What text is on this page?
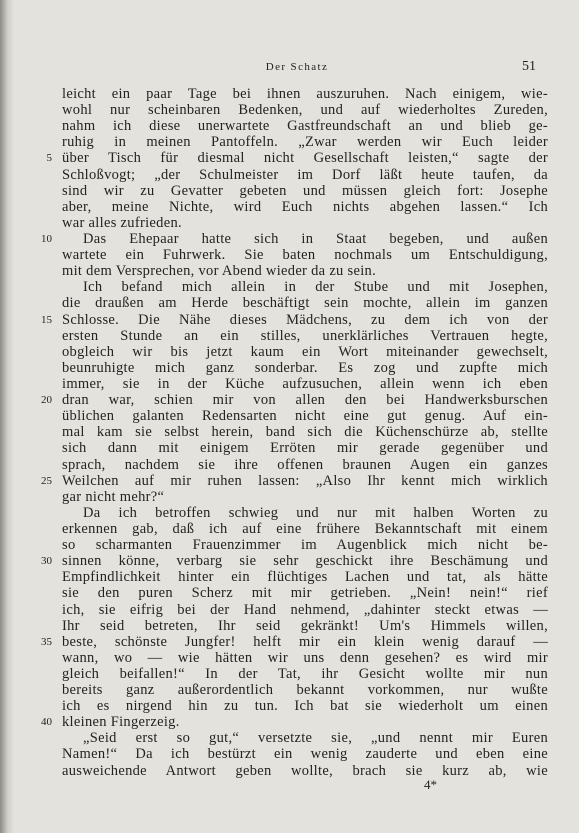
Der Schatz	51
leicht ein paar Tage bei ihnen auszuruhen. Nach einigem, wie-
wohl nur scheinbaren Bedenken, und auf wiederholtes Zureden,
nahm ich diese unerwartete Gastfreundschaft an und blieb ge-
ruhig in meinen Pantoffeln. „Zwar werden wir Euch leider
über Tisch für diesmal nicht Gesellschaft leisten,“ sagte der
5
Schloßvogt; „der Schulmeister im Dorf läßt heute taufen, da
sind wir zu Gevatter gebeten und müssen gleich fort: Josephe
aber, meine Nichte, wird Euch nichts abgehen lassen.“ Ich
war alles zufrieden.
Das Ehepaar hatte sich in Staat begeben, und außen
10
wartete ein Fuhrwerk. Sie baten nochmals um Entschuldigung,
mit dem Versprechen, vor Abend wieder da zu sein.
Ich befand mich allein in der Stube und mit Josephen,
die draußen am Herde beschäftigt sein mochte, allein im ganzen
Schlosse. Die Nähe dieses Mädchens, zu dem ich von der
15
ersten Stunde an ein stilles, unerklärliches Vertrauen hegte,
obgleich wir bis jetzt kaum ein Wort miteinander gewechselt,
beunruhigte mich ganz sonderbar. Es zog und zupfte mich
immer, sie in der Küche aufzusuchen, allein wenn ich eben
dran war, schien mir von allen den bei Handwerksburschen
20
üblichen galanten Redensarten nicht eine gut genug. Auf ein-
mal kam sie selbst herein, band sich die Küchenschürze ab, stellte
sich dann mit einigem Erröten mir gerade gegenüber und
sprach, nachdem sie ihre offenen braunen Augen ein ganzes
Weilchen auf mir ruhen lassen: „Also Ihr kennt mich wirklich
25
gar nicht mehr?“
Da ich betroffen schwieg und nur mit halben Worten zu
erkennen gab, daß ich auf eine frühere Bekanntschaft mit einem
so scharmanten Frauenzimmer im Augenblick mich nicht be-
sinnen könne, verbarg sie sehr geschickt ihre Beschämung und
30
Empfindlichkeit hinter ein flüchtiges Lachen und tat, als hätte
sie den puren Scherz mit mir getrieben. „Nein! nein!“ rief
ich, sie eifrig bei der Hand nehmend, „dahinter steckt etwas —
Ihr seid betreten, Ihr seid gekränkt! Um's Himmels willen,
beste, schönste Jungfer! helft mir ein klein wenig darauf —
35
wann, wo — wie hätten wir uns denn gesehen? es wird mir
gleich beifallen!“ In der Tat, ihr Gesicht wollte mir nun
bereits ganz außerordentlich bekannt vorkommen, nur wußte
ich es nirgend hin zu tun. Ich bat sie wiederholt um einen
kleinen Fingerzeig.
40
„Seid erst so gut,“ versetzte sie, „und nennt mir Euren
Namen!“ Da ich bestürzt ein wenig zauderte und eben eine
ausweichende Antwort geben wollte, brach sie kurz ab, wie
4*
